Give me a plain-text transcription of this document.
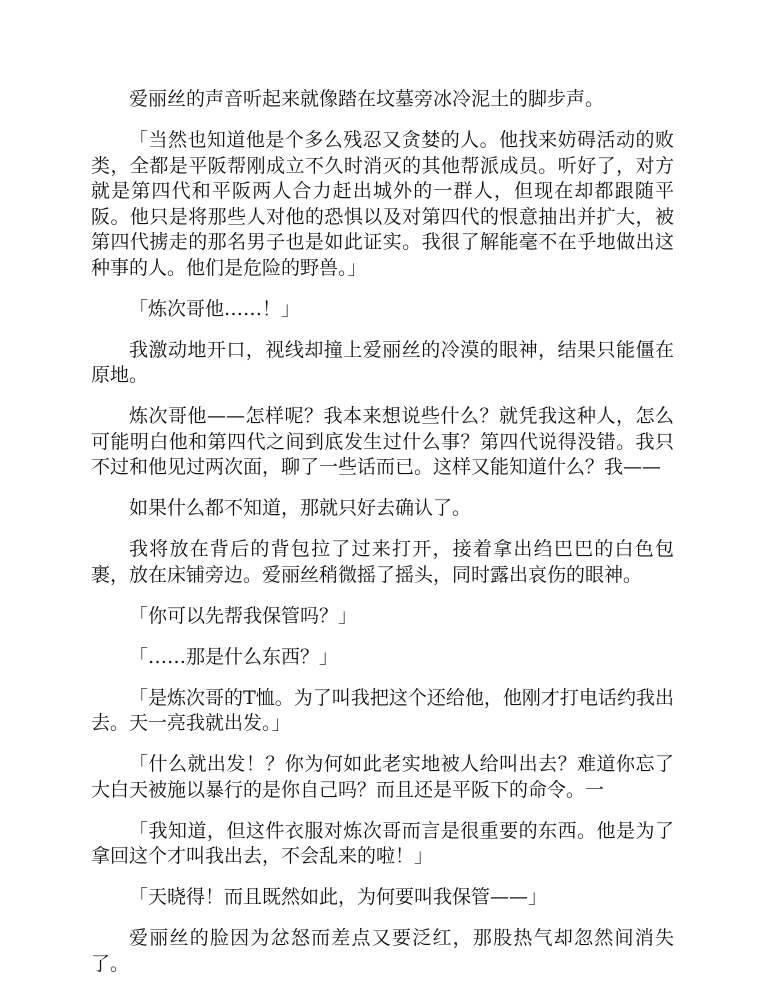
爱丽丝的声音听起来就像踏在坟墓旁冰冷泥土的脚步声。

「当然也知道他是个多么残忍又贪婪的人。他找来妨碍活动的败类，全都是平阪帮刚成立不久时消灭的其他帮派成员。听好了，对方就是第四代和平阪两人合力赶出城外的一群人，但现在却都跟随平阪。他只是将那些人对他的恐惧以及对第四代的恨意抽出并扩大，被第四代掳走的那名男子也是如此证实。我很了解能毫不在乎地做出这种事的人。他们是危险的野兽。」

「炼次哥他……！」

我激动地开口，视线却撞上爱丽丝的冷漠的眼神，结果只能僵在原地。

炼次哥他——怎样呢？我本来想说些什么？就凭我这种人，怎么可能明白他和第四代之间到底发生过什么事？第四代说得没错。我只不过和他见过两次面，聊了一些话而已。这样又能知道什么？我——

如果什么都不知道，那就只好去确认了。

我将放在背后的背包拉了过来打开，接着拿出绉巴巴的白色包裹，放在床铺旁边。爱丽丝稍微摇了摇头，同时露出哀伤的眼神。

「你可以先帮我保管吗？」

「……那是什么东西？」

「是炼次哥的T恤。为了叫我把这个还给他，他刚才打电话约我出去。天一亮我就出发。」

「什么就出发！？你为何如此老实地被人给叫出去？难道你忘了大白天被施以暴行的是你自己吗？而且还是平阪下的命令。一

「我知道，但这件衣服对炼次哥而言是很重要的东西。他是为了拿回这个才叫我出去，不会乱来的啦！」

「天晓得！而且既然如此，为何要叫我保管——」

爱丽丝的脸因为忿怒而差点又要泛红，那股热气却忽然间消失了。
